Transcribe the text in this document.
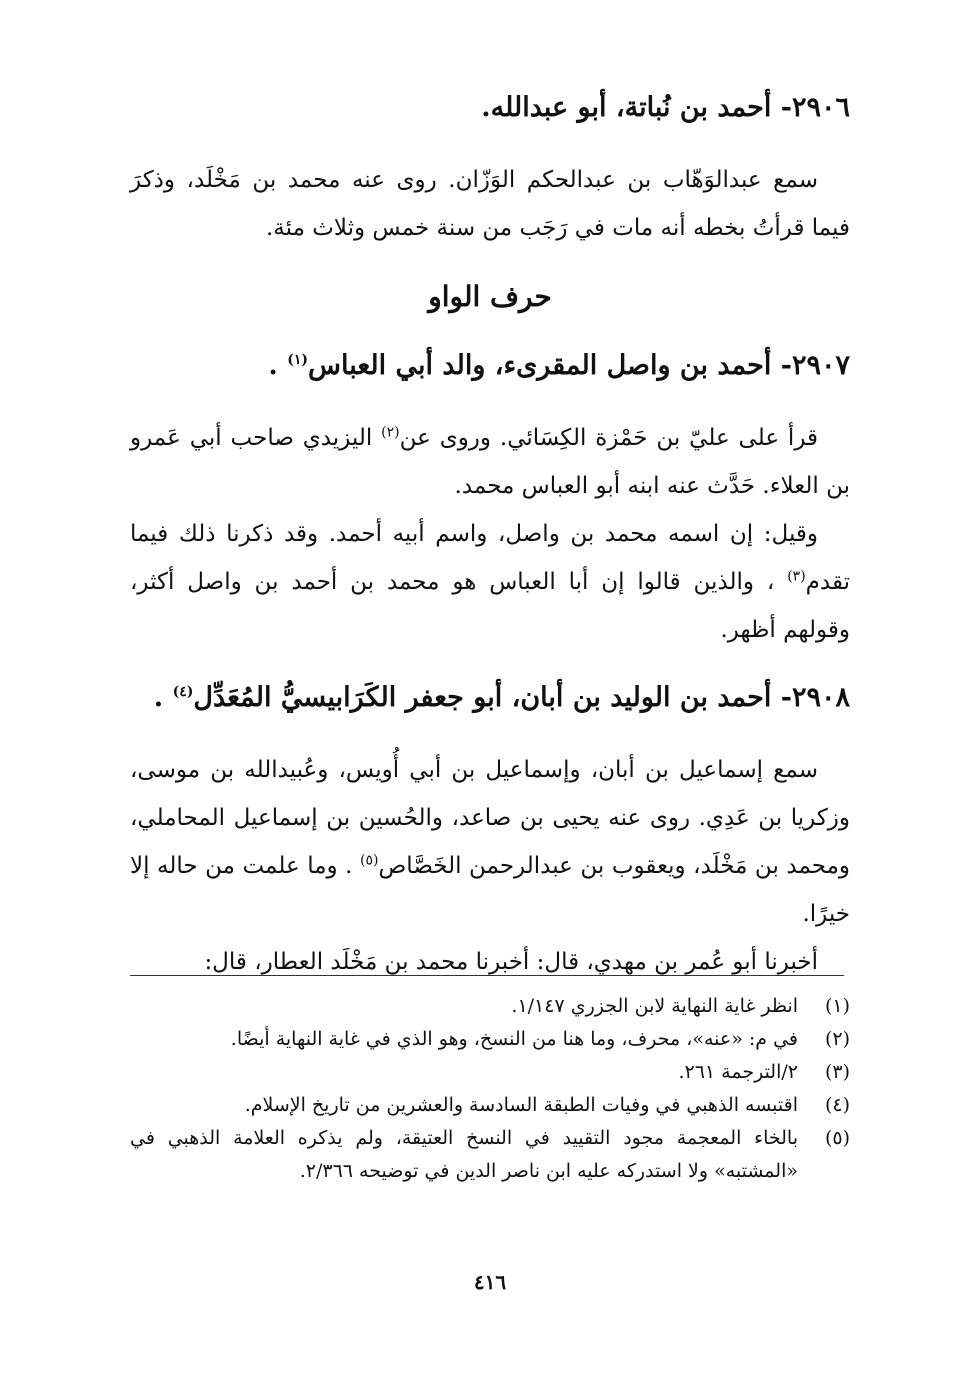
٢٩٠٦- أحمد بن نُباتة، أبو عبدالله.

سمع عبدالوَهّاب بن عبدالحكم الوَزّان. روى عنه محمد بن مَخْلَد، وذكرَ فيما قرأتُ بخطه أنه مات في رَجَب من سنة خمس وثلاث مئة.

حرف الواو
٢٩٠٧- أحمد بن واصل المقرىء، والد أبي العباس$^{(١)}$ .

قرأ على عليّ بن حَمْزة الكِسَائي. وروى عن$^{(٢)}$ اليزيدي صاحب أبي عَمرو بن العلاء. حَدَّث عنه ابنه أبو العباس محمد.

وقيل: إن اسمه محمد بن واصل، واسم أبيه أحمد. وقد ذكرنا ذلك فيما تقدم$^{(٣)}$ ، والذين قالوا إن أبا العباس هو محمد بن أحمد بن واصل أكثر، وقولهم أظهر.

٢٩٠٨- أحمد بن الوليد بن أبان، أبو جعفر الكَرَابيسيُّ المُعَدِّل$^{(٤)}$ .

سمع إسماعيل بن أبان، وإسماعيل بن أبي أُويس، وعُبيدالله بن موسى، وزكريا بن عَدِي. روى عنه يحيى بن صاعد، والحُسين بن إسماعيل المحاملي، ومحمد بن مَخْلَد، ويعقوب بن عبدالرحمن الخَصَّاص$^{(٥)}$ . وما علمت من حاله إلا خيرًا.

أخبرنا أبو عُمر بن مهدي، قال: أخبرنا محمد بن مَخْلَد العطار، قال:

(١)
انظر غاية النهاية لابن الجزري ١/١٤٧.
(٢)
في م: «عنه»، محرف، وما هنا من النسخ، وهو الذي في غاية النهاية أيضًا.
(٣)
٢/الترجمة ٢٦١.
(٤)
اقتبسه الذهبي في وفيات الطبقة السادسة والعشرين من تاريخ الإسلام.
(٥)
بالخاء المعجمة مجود التقييد في النسخ العتيقة، ولم يذكره العلامة الذهبي في «المشتبه» ولا استدركه عليه ابن ناصر الدين في توضيحه ٢/٣٦٦.
٤١٦
